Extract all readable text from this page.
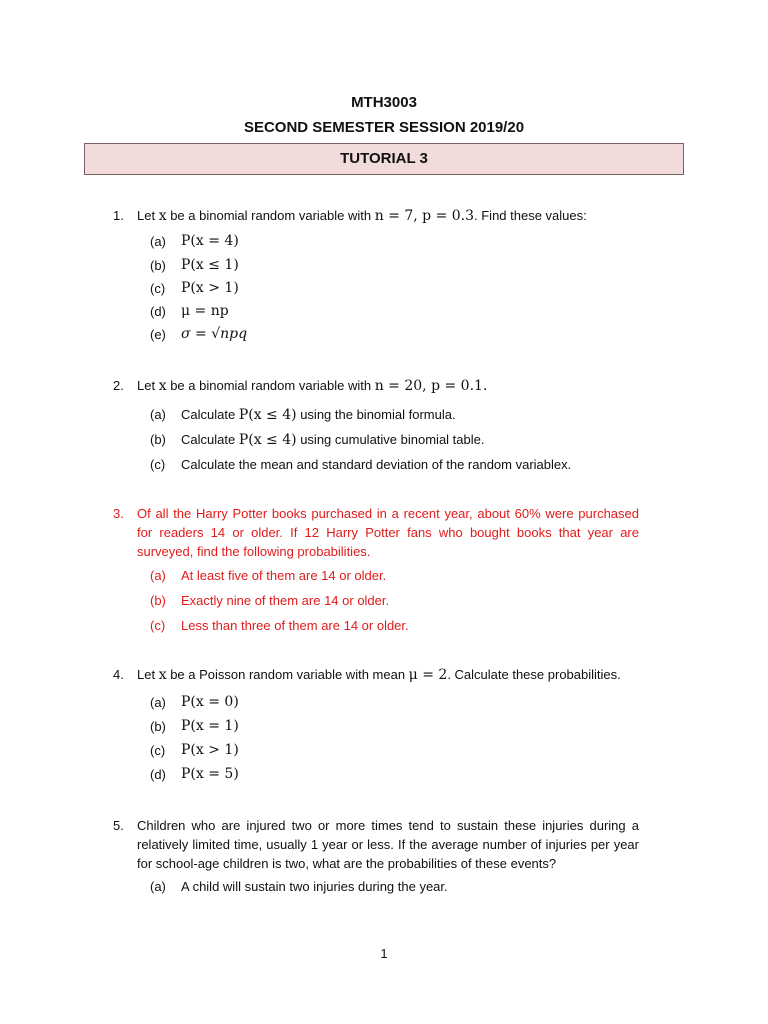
MTH3003
SECOND SEMESTER SESSION 2019/20
TUTORIAL 3
1. Let x be a binomial random variable with n = 7, p = 0.3. Find these values:
(a)	P(x = 4)
(b)	P(x ≤ 1)
(c)	P(x > 1)
(d)	μ = np
(e)	σ = √npq
2. Let x be a binomial random variable with n = 20, p = 0.1.
(a)	Calculate P(x ≤ 4) using the binomial formula.
(b)	Calculate P(x ≤ 4) using cumulative binomial table.
(c)	Calculate the mean and standard deviation of the random variablex.
3. Of all the Harry Potter books purchased in a recent year, about 60% were purchased for readers 14 or older. If 12 Harry Potter fans who bought books that year are surveyed, find the following probabilities.
(a)	At least five of them are 14 or older.
(b)	Exactly nine of them are 14 or older.
(c)	Less than three of them are 14 or older.
4. Let x be a Poisson random variable with mean μ = 2. Calculate these probabilities.
(a)	P(x = 0)
(b)	P(x = 1)
(c)	P(x > 1)
(d)	P(x = 5)
5. Children who are injured two or more times tend to sustain these injuries during a relatively limited time, usually 1 year or less. If the average number of injuries per year for school-age children is two, what are the probabilities of these events?
(a)	A child will sustain two injuries during the year.
1
